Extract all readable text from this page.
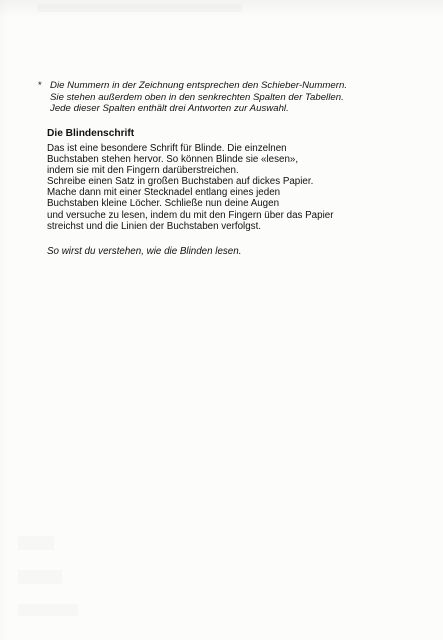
* Die Nummern in der Zeichnung entsprechen den Schieber-Nummern.
Sie stehen außerdem oben in den senkrechten Spalten der Tabellen.
Jede dieser Spalten enthält drei Antworten zur Auswahl.
Die Blindenschrift
Das ist eine besondere Schrift für Blinde. Die einzelnen
Buchstaben stehen hervor. So können Blinde sie «lesen»,
indem sie mit den Fingern darüberstreichen.
Schreibe einen Satz in großen Buchstaben auf dickes Papier.
Mache dann mit einer Stecknadel entlang eines jeden
Buchstaben kleine Löcher. Schließe nun deine Augen
und versuche zu lesen, indem du mit den Fingern über das Papier
streichst und die Linien der Buchstaben verfolgst.
So wirst du verstehen, wie die Blinden lesen.
